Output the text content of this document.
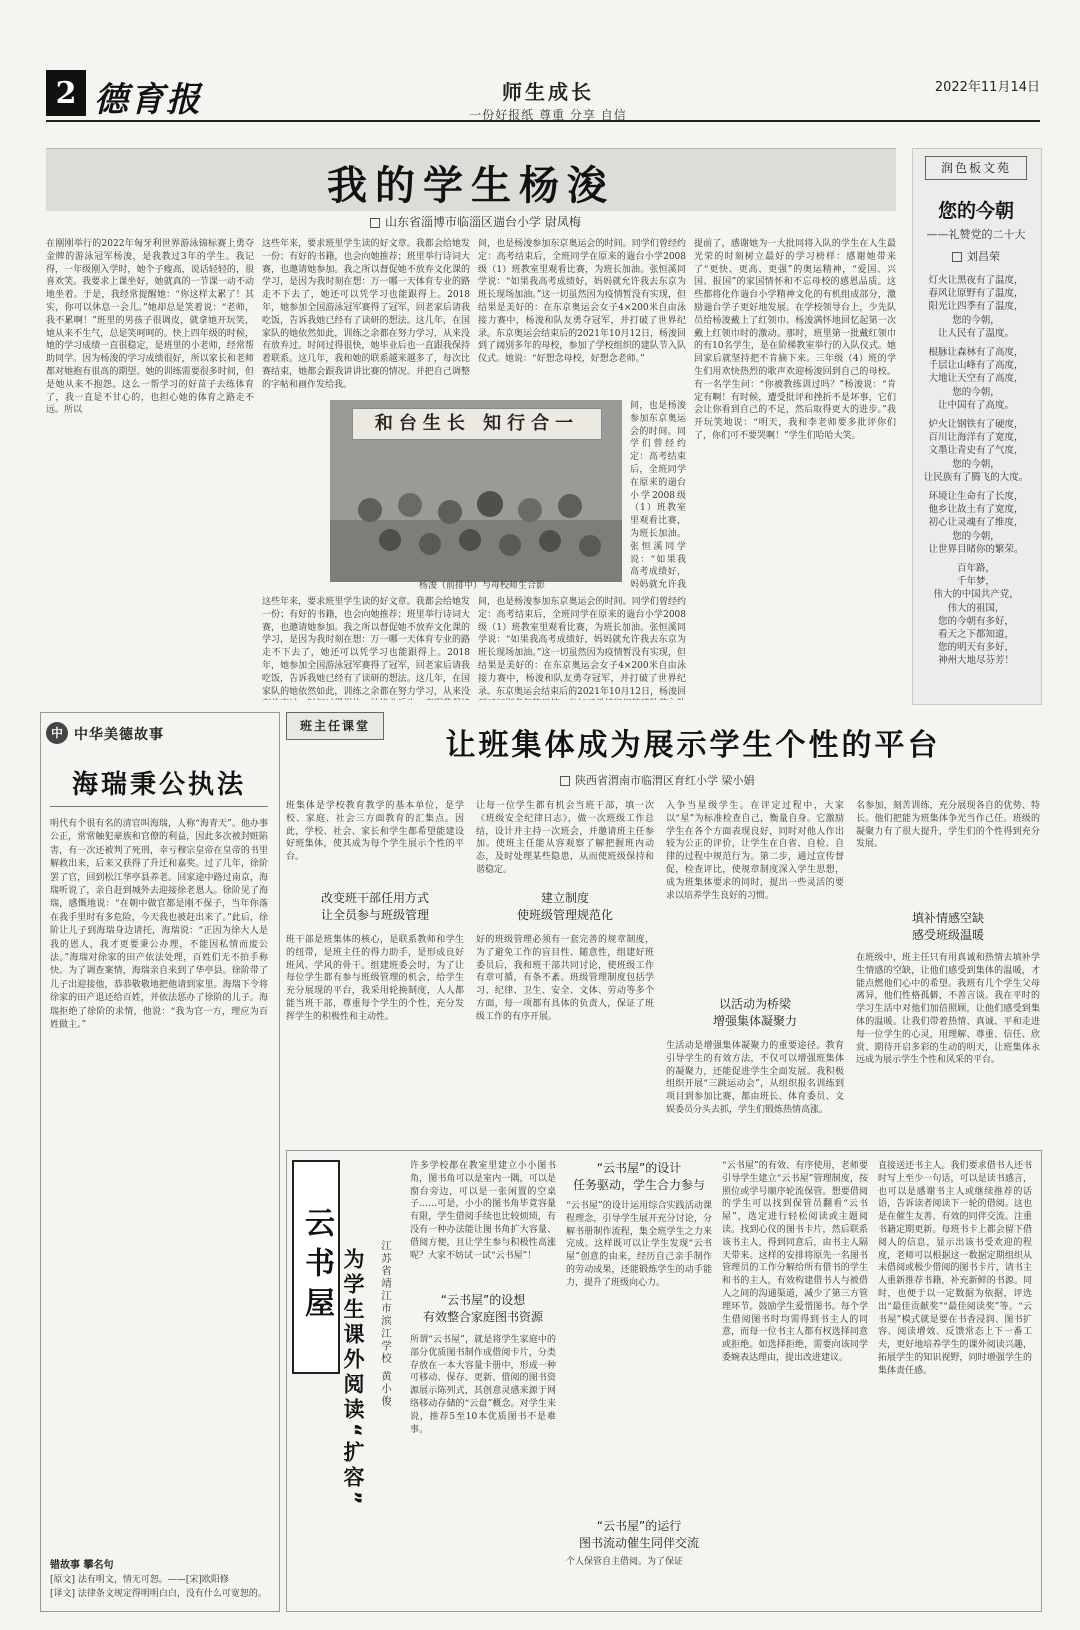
2 德育报	师生成长
一份好报纸 尊重 分享 自信
2022年11月14日
我的学生杨浚
山东省淄博市临淄区遄台小学 尉凤梅
在刚刚举行的2022年匈牙利世界游泳锦标赛上勇夺金牌的游泳冠军杨浚，是我教过3年的学生。我记得，一年级刚入学时，她个子瘦高，说话轻轻的，很喜欢笑。我要求上课坐好，她就真的一节课一动不动地坐着。于是，我经常提醒她：“你这样太累了！其实，你可以休息一会儿。”她却总是笑着说：“老师，我不累啊！”班里的男孩子很调皮，就拿她开玩笑，她从来不生气，总是笑呵呵的。快上四年级的时候，她的学习成绩一直很稳定，是班里的小老师，经常帮助同学。因为杨浚的学习成绩很好，所以家长和老师都对她抱有很高的期望。她的训练需要很多时间，但是她从来不抱怨。这么一帮学习的好苗子去练体育了，我一直是不甘心的，也担心她的体育之路走不远。所以
这些年来，要求班里学生读的好文章。我都会给她发一份；有好的书籍，也会向她推荐；班里举行诗词大赛，也邀请她参加。我之所以督促她不放弃文化课的学习，是因为我时刻在想：万一哪一天体育专业的路走不下去了，她还可以凭学习也能跟得上。2018年，她参加全国游泳冠军赛得了冠军，回老家后请我吃饭，告诉我她已经有了读研的想法。这几年，在国家队的她依然如此，训练之余都在努力学习，从来没有放弃过。时间过得很快，她毕业后也一直跟我保持着联系。这几年，我和她的联系越来越多了，每次比赛结束，她都会跟我讲讲比赛的情况。并把自己调整的字帖和画作发给我。
间，也是杨浚参加东京奥运会的时间。同学们曾经约定：高考结束后，全班同学在原来的遄台小学2008级（1）班教室里观看比赛，为班长加油。张恒溪同学说：“如果我高考成绩好，妈妈就允许我去东京为班长现场加油。”这一切虽然因为疫情暂没有实现，但结果是美好的：在东京奥运会女子4×200米自由泳接力赛中，杨浚和队友勇夺冠军，并打破了世界纪录。东京奥运会结束后的2021年10月12日，杨浚回到了阔别多年的母校，参加了学校组织的建队节入队仪式。她说：“好想念母校，好想念老师。”
这些年来，要求班里学生读的好文章。我都会给她发一份；有好的书籍，也会向她推荐；班里举行诗词大赛，也邀请她参加。我之所以督促她不放弃文化课的学习，是因为我时刻在想：万一哪一天体育专业的路走不下去了，她还可以凭学习也能跟得上。2018年，她参加全国游泳冠军赛得了冠军，回老家后请我吃饭，告诉我她已经有了读研的想法。这几年，在国家队的她依然如此，训练之余都在努力学习，从来没
间，也是杨浚参加东京奥运会的时间。同学们曾经约定：高考结束后，全班同学在原来的遄台小学2008级（1）班教室里观看比赛，为班长加油。张恒溪同学说：“如果我高考成绩好，妈妈就允许我去东京为班长现场加油。”这一切虽然因为疫情暂没有实现，但结果是美好的：在东京奥运会女子4×200米自由泳接力赛中，杨浚和队友勇夺冠军，并打破了世界纪录。东京奥运会结束后的2021年10月12日，杨浚回
间，也是杨浚参加东京奥运会的时间。同学们曾经约定：高考结束后，全班同学在原来的遄台小学2008级（1）班教室里观看比赛，为班长加油。张恒溪同学说：“如果我高考成绩好，妈妈就允许我
提前了，感谢她为一大批同将入队的学生在人生最光荣的时刻树立最好的学习榜样：感谢她带来了“更快、更高、更强”的奥运精神，“爱国、兴国、报国”的家国情怀和不忘母校的感恩品质。这些都将化作遄台小学精神文化的有机组成部分，激励遄台学子更好地发展。在学校领导台上，少先队员给杨浚戴上了红领巾。杨浚满怀地回忆起第一次戴上红领巾时的激动。那时，班里第一批戴红领巾的有10名学生，是在阶梯教室举行的入队仪式。她回家后就坚持把不肯摘下来。三年级（4）班的学生们用欢快热烈的歌声欢迎杨浚回到自己的母校。有一名学生问：“你被教练训过吗？”杨浚说：“肯定有啊！有时候，遭受批评和挫折不是坏事，它们会让你看到自己的不足，然后取得更大的进步。”我开玩笑地说：“明天，我和李老师要多批评你们了，你们可不要哭啊！”学生们哈哈大笑。
和台生长 知行合一
杨浚（前排中）与母校师生合影
润色板文苑
您的今朝
——礼赞党的二十大
刘昌荣
灯火让黑夜有了温度，
春风让原野有了温度，
阳光让四季有了温度，
您的今朝，
让人民有了温度。
根脉让森林有了高度，
千层让山峰有了高度，
大地让天空有了高度，
您的今朝，
让中国有了高度。
炉火让钢铁有了硬度，
百川让海洋有了宽度，
文墨让青史有了气度，
您的今朝，
让民族有了腾飞的大度。
环境让生命有了长度，
他乡让故土有了宽度，
初心让灵魂有了维度，
您的今朝，
让世界目睹你的繁荣。
百年路，
千年梦，
伟大的中国共产党，
伟大的祖国，
您的今朝有多好，
看天之下都知道，
您的明天有多好，
神州大地尽芬芳！
中 中华美德故事
海瑞秉公执法
明代有个很有名的清官叫海瑞，人称“海青天”。他办事公正，常常触犯豪族和官僚的利益，因此多次被封赃陷害，有一次还被判了死刑，幸亏穆宗皇帝在皇帝的书里解救出来，后来又获得了升迁和嘉奖。过了几年，徐阶罢了官，回到松江华亭县养老。回家途中路过南京，海瑞听说了，亲自赶到城外去迎接徐老恩人。徐阶见了海瑞，感慨地说：“在朝中做官都是刚不保子，当年你落在我手里时有多危险，今天我也被赶出来了。”此后，徐阶让儿子到海瑞身边请托，海瑞说：“正因为徐大人是我的恩人，我才更要秉公办理，不能因私情而废公法。”海瑞对徐家的田产依法处理，百姓们无不拍手称快。为了调查案情，海瑞亲自来到了华亭县。徐阶带了儿子出迎接他，恭恭敬敬地把他请到家里。海瑞下令将徐家的田产退还给百姓，并依法惩办了徐阶的儿子。海瑞拒绝了徐阶的求情，他说：“我为官一方，理应为百姓做主。”
错故事 攀名句
[原文] 法有明文，情无可恕。——[宋]欧阳修
[译文] 法律条文规定得明明白白，没有什么可宽恕的。
班主任课堂
让班集体成为展示学生个性的平台
陕西省渭南市临渭区育红小学 梁小娟
班集体是学校教育教学的基本单位，是学校、家庭、社会三方面教育的汇集点。因此，学校、社会、家长和学生都希望能建设好班集体，使其成为每个学生展示个性的平台。
改变班干部任用方式
让全员参与班级管理
班干部是班集体的核心，是联系教师和学生的纽带，是班主任的得力助手，是形成良好班风、学风的骨干。组建班委会时，为了让每位学生都有参与班级管理的机会，给学生充分展现的平台，我采用轮换制度，人人都能当班干部，尊重每个学生的个性，充分发挥学生的积极性和主动性。
让每一位学生都有机会当班干部，填一次《班级安全纪律日志》，做一次班级工作总结，设计并主持一次班会，并邀请班主任参加。使班主任能从容观察了解把握班内动态，及时处理某些隐患，从而使班级保持和谐稳定。
建立制度
使班级管理规范化
好的班级管理必须有一套完善的规章制度，为了避免工作的盲目性、随意性，组建好班委员后，我和班干部共同讨论，使班级工作有章可循，有条不紊。班级管理制度包括学习、纪律、卫生、安全、文体、劳动等多个方面，每一项都有具体的负责人，保证了班级工作的有序开展。
入争当星级学生。在评定过程中，大家以“星”为标准检查自己，衡量自身。它激励学生在各个方面表现良好，同时对他人作出较为公正的评价，让学生在自省、自检、自律的过程中规范行为。第二步，通过宣传督促，检查评比，使规章制度深入学生思想，成为班集体要求的同时，提出一些灵活的要求以培养学生良好的习惯。
以活动为桥梁
增强集体凝聚力
生活动是增强集体凝聚力的重要途径。教育引导学生的有效方法，不仅可以增强班集体的凝聚力，还能促进学生全面发展。我积极组织开展“三跳运动会”，从组织报名训练到项目到参加比赛，都由班长、体育委员、文娱委员分头去抓，学生们锻炼热情高涨。
名参加，刻苦训练，充分展现各自的优势、特长。他们把能为班集体争光当作己任。班级的凝聚力有了很大提升，学生们的个性得到充分发展。
填补情感空缺
感受班级温暖
在班级中，班主任只有用真诚和热情去填补学生情感的空缺，让他们感受到集体的温暖，才能点燃他们心中的希望。我班有几个学生父母离异，他们性格孤僻，不善言谈。我在平时的学习生活中对他们加倍照顾，让他们感受到集体的温暖。让我们带着热情、真诚、平和走进每一位学生的心灵，用理解、尊重、信任、欣赏、期待开启多彩的生动的明天，让班集体永远成为展示学生个性和风采的平台。
云书屋 为学生课外阅读“扩容”	江苏省靖江市滨江学校 黄小俊
许多学校都在教室里建立小小图书角，图书角可以是室内一隅，可以是窗台旁边，可以是一张闲置的空桌子……可是，小小的图书角毕竟容量有限，学生借阅手续也比较烦琐，有没有一种办法能让图书角扩大容量、借阅方便，且让学生参与积极性高涨呢？大家不妨试一试“云书屋”！
“云书屋”的设想
有效整合家庭图书资源
所谓“云书屋”，就是将学生家庭中的部分优质图书制作成借阅卡片，分类存放在一本大容量卡册中，形成一种可移动、保存、更新、借阅的图书资源展示陈列式，其创意灵感来源于网络移动存储的“云盘”概念。对学生来说，推荐5至10本优质图书不是难事。
“云书屋”的设计
任务驱动，学生合力参与
“云书屋”的设计运用综合实践活动课程理念，引导学生展开充分讨论，分解书册制作流程，集全班学生之力来完成。这样既可以让学生发现“云书屋”创意的由来，经历自己亲手制作的劳动成果，还能锻炼学生的动手能力，提升了班级向心力。
“云书屋”的运行
图书流动催生同伴交流
个人保管自主借阅。为了保证
“云书屋”的有效、有序使用，老师要引导学生建立“云书屋”管理制度，按照位或学号顺序轮流保管。想要借阅的学生可以找到保管员翻看“云书屋”，选定进行轻松阅读或主题阅读。找到心仪的图书卡片，然后联系该书主人，得到同意后，由书主人隔天带来。这样的安排将原先一名图书管理员的工作分解给所有借书的学生和书的主人，有效构建借书人与被借人之间的沟通渠道，减少了第三方管理环节。鼓励学生爱惜图书。每个学生借阅图书时均需得到书主人的同意，而每一位书主人都有权选择同意或拒绝。如选择拒绝，需要向该同学委婉表达理由，提出改进建议。
直接送还书主人。我们要求借书人还书时写上至少一句话，可以是读书感言，也可以是感谢书主人或继续推荐的话语，告诉读者阅读下一轮的借阅。这也是在催生友善、有效的同伴交流。注重书籍定期更新。每班书卡上都会留下借阅人的信息，显示出该书受欢迎的程度，老师可以根据这一数据定期组织从未借阅或极少借阅的图书卡片，请书主人重新推荐书籍，补充新鲜的书源。同时，也便于以一定数据为依据，评选出“最佳贡献奖”“最佳阅读奖”等。“云书屋”模式就是要在书香浸润、图书扩容、阅读增效、反馈常态上下一番工夫，更好地培养学生的课外阅读兴趣，拓展学生的知识视野，同时增强学生的集体责任感。
